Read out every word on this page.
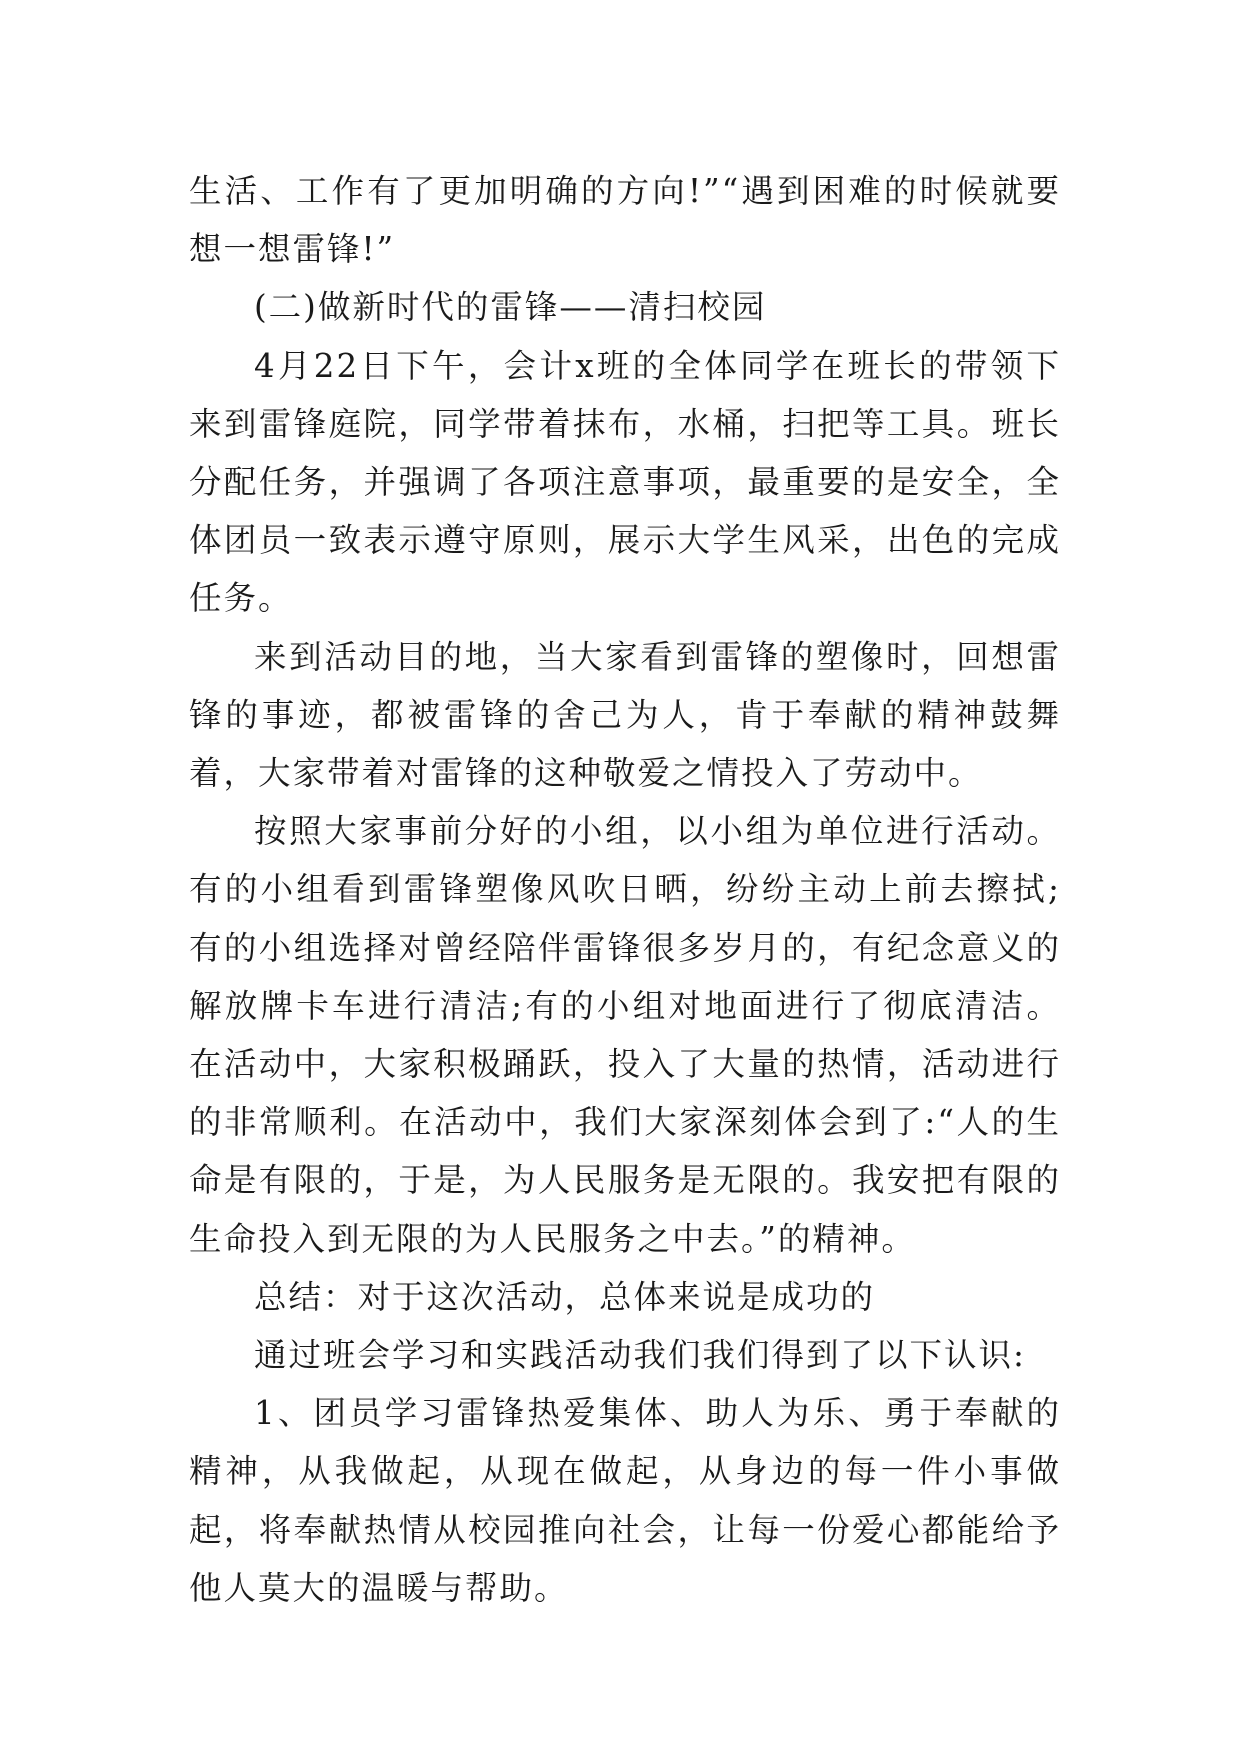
生活、工作有了更加明确的方向!”“遇到困难的时候就要想一想雷锋!”

(二)做新时代的雷锋——清扫校园

4月22日下午，会计x班的全体同学在班长的带领下来到雷锋庭院，同学带着抹布，水桶，扫把等工具。班长分配任务，并强调了各项注意事项，最重要的是安全，全体团员一致表示遵守原则，展示大学生风采，出色的完成任务。

来到活动目的地，当大家看到雷锋的塑像时，回想雷锋的事迹，都被雷锋的舍己为人，肯于奉献的精神鼓舞着，大家带着对雷锋的这种敬爱之情投入了劳动中。

按照大家事前分好的小组，以小组为单位进行活动。有的小组看到雷锋塑像风吹日晒，纷纷主动上前去擦拭;有的小组选择对曾经陪伴雷锋很多岁月的，有纪念意义的解放牌卡车进行清洁;有的小组对地面进行了彻底清洁。在活动中，大家积极踊跃，投入了大量的热情，活动进行的非常顺利。在活动中，我们大家深刻体会到了:“人的生命是有限的，于是，为人民服务是无限的。我安把有限的生命投入到无限的为人民服务之中去。”的精神。

总结：对于这次活动，总体来说是成功的

通过班会学习和实践活动我们我们得到了以下认识:

1、团员学习雷锋热爱集体、助人为乐、勇于奉献的精神，从我做起，从现在做起，从身边的每一件小事做起，将奉献热情从校园推向社会，让每一份爱心都能给予他人莫大的温暖与帮助。
